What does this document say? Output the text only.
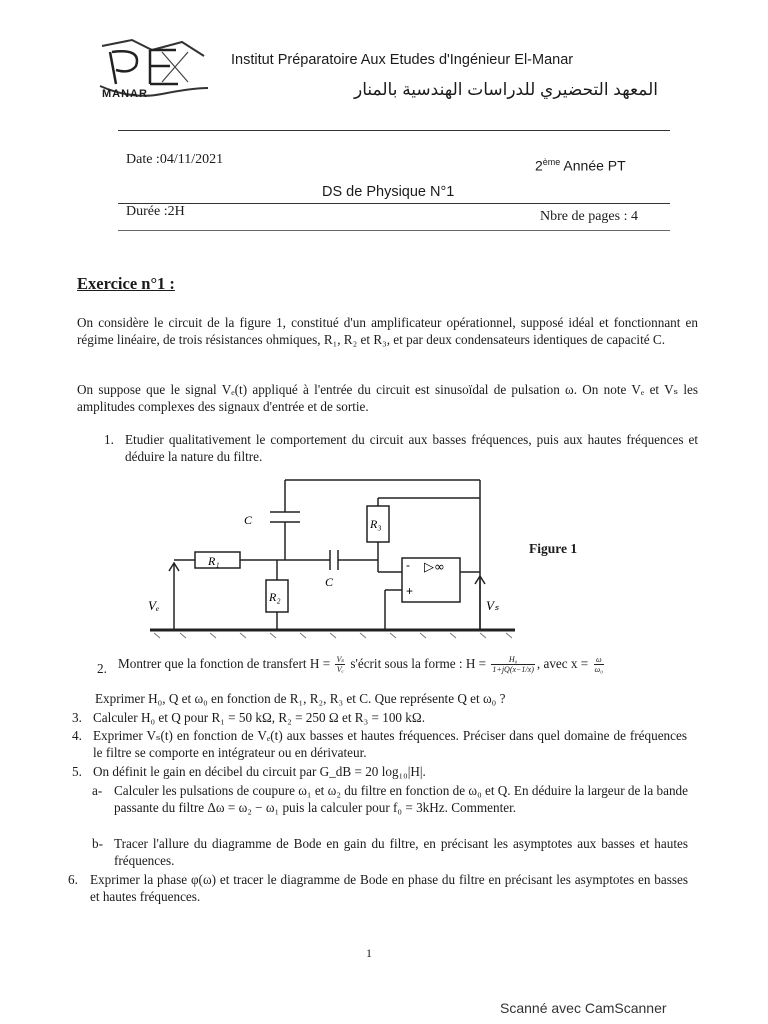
MANAR
Institut Préparatoire Aux Etudes d'Ingénieur El-Manar
المعهد التحضيري للدراسات الهندسية بالمنار
Date :04/11/2021	2ème Année PT
DS de Physique N°1
Durée :2H	Nbre de pages : 4
Exercice n°1 :
On considère le circuit de la figure 1, constitué d'un amplificateur opérationnel, supposé idéal et fonctionnant en régime linéaire, de trois résistances ohmiques, R₁, R₂ et R₃, et par deux condensateurs identiques de capacité C.
On suppose que le signal Vₑ(t) appliqué à l'entrée du circuit est sinusoïdal de pulsation ω. On note Vₑ et Vₛ les amplitudes complexes des signaux d'entrée et de sortie.
1. Etudier qualitativement le comportement du circuit aux basses fréquences, puis aux hautes fréquences et déduire la nature du filtre.
C
C
R₁
R₂
R₃
Vₑ	Vₛ
-
+
▷∞
Figure 1
2. Montrer que la fonction de transfert $H = \frac{\text{Vₛ}}{\text{Vₑ}}$ s'écrit sous la forme : $H = \frac{\text{H₀}}{1+jQ(x-1/x)}$ , avec $x = \frac{\omega}{\text{ω₀}}$
Exprimer H₀, Q et ω₀ en fonction de R₁, R₂, R₃ et C. Que représente Q et ω₀ ?
3. Calculer H₀ et Q pour R₁ = 50 kΩ, R₂ = 250 Ω et R₃ = 100 kΩ.
4. Exprimer Vₛ(t) en fonction de Vₑ(t) aux basses et hautes fréquences. Préciser dans quel domaine de fréquences le filtre se comporte en intégrateur ou en dérivateur.
5. On définit le gain en décibel du circuit par G_dB = 20 log₁₀|H|.
a- Calculer les pulsations de coupure ω₁ et ω₂ du filtre en fonction de ω₀ et Q. En déduire la largeur de la bande passante du filtre Δω = ω₂ − ω₁ puis la calculer pour f₀ = 3kHz. Commenter.
b- Tracer l'allure du diagramme de Bode en gain du filtre, en précisant les asymptotes aux basses et hautes fréquences.
6. Exprimer la phase φ(ω) et tracer le diagramme de Bode en phase du filtre en précisant les asymptotes en basses et hautes fréquences.
1
Scanné avec CamScanner
